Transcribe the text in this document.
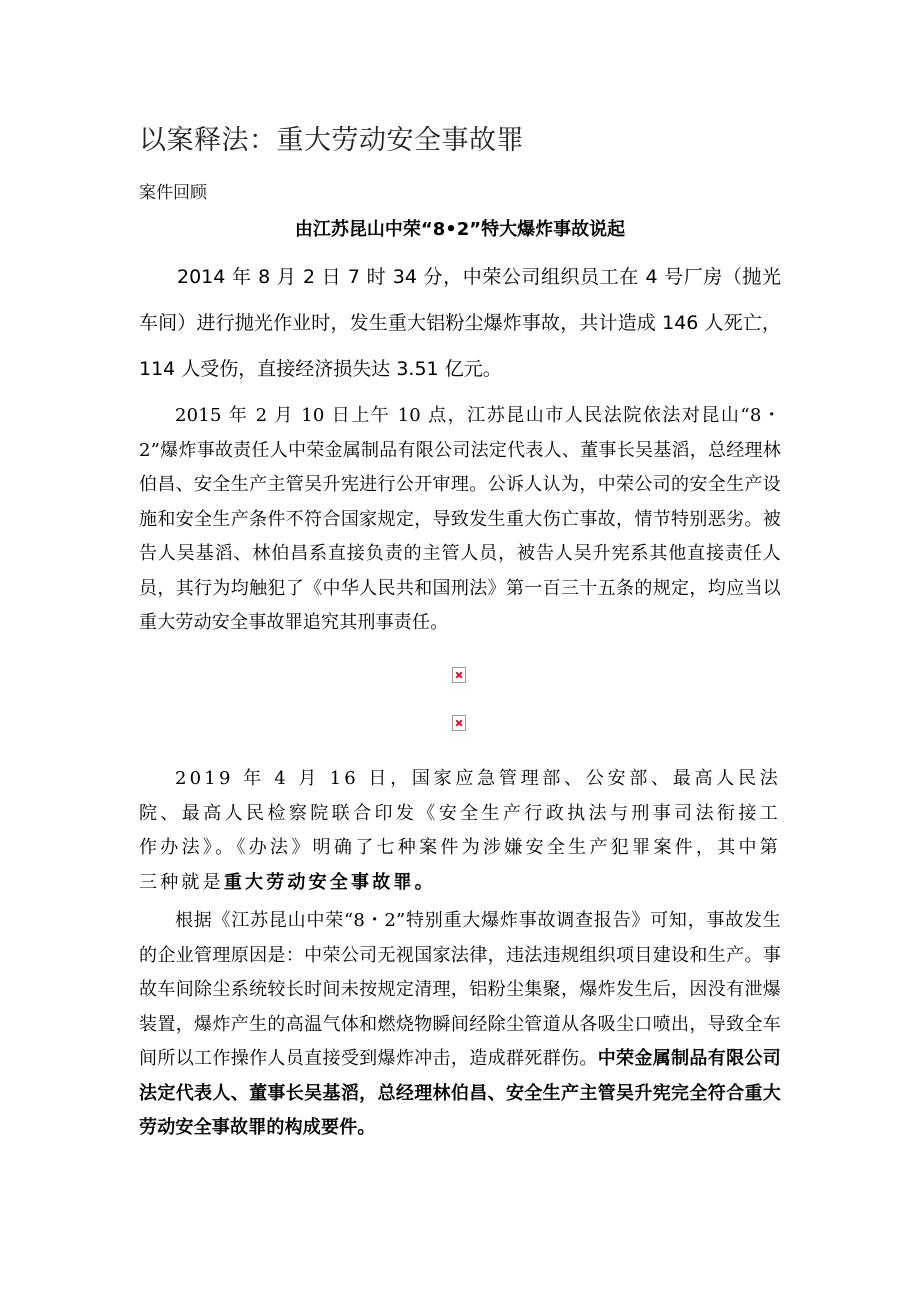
以案释法：重大劳动安全事故罪
案件回顾
由江苏昆山中荣“8•2”特大爆炸事故说起
2014 年 8 月 2 日 7 时 34 分，中荣公司组织员工在 4 号厂房（抛光车间）进行抛光作业时，发生重大铝粉尘爆炸事故，共计造成 146 人死亡，114 人受伤，直接经济损失达 3.51 亿元。
2015 年 2 月 10 日上午 10 点，江苏昆山市人民法院依法对昆山“8・2”爆炸事故责任人中荣金属制品有限公司法定代表人、董事长吴基滔，总经理林伯昌、安全生产主管吴升宪进行公开审理。公诉人认为，中荣公司的安全生产设施和安全生产条件不符合国家规定，导致发生重大伤亡事故，情节特别恶劣。被告人吴基滔、林伯昌系直接负责的主管人员，被告人吴升宪系其他直接责任人员，其行为均触犯了《中华人民共和国刑法》第一百三十五条的规定，均应当以重大劳动安全事故罪追究其刑事责任。
2019 年 4 月 16 日，国家应急管理部、公安部、最高人民法院、最高人民检察院联合印发《安全生产行政执法与刑事司法衔接工作办法》。《办法》明确了七种案件为涉嫌安全生产犯罪案件，其中第三种就是重大劳动安全事故罪。
根据《江苏昆山中荣“8・2”特别重大爆炸事故调查报告》可知，事故发生的企业管理原因是：中荣公司无视国家法律，违法违规组织项目建设和生产。事故车间除尘系统较长时间未按规定清理，铝粉尘集聚，爆炸发生后，因没有泄爆装置，爆炸产生的高温气体和燃烧物瞬间经除尘管道从各吸尘口喷出，导致全车间所以工作操作人员直接受到爆炸冲击，造成群死群伤。中荣金属制品有限公司法定代表人、董事长吴基滔，总经理林伯昌、安全生产主管吴升宪完全符合重大劳动安全事故罪的构成要件。
